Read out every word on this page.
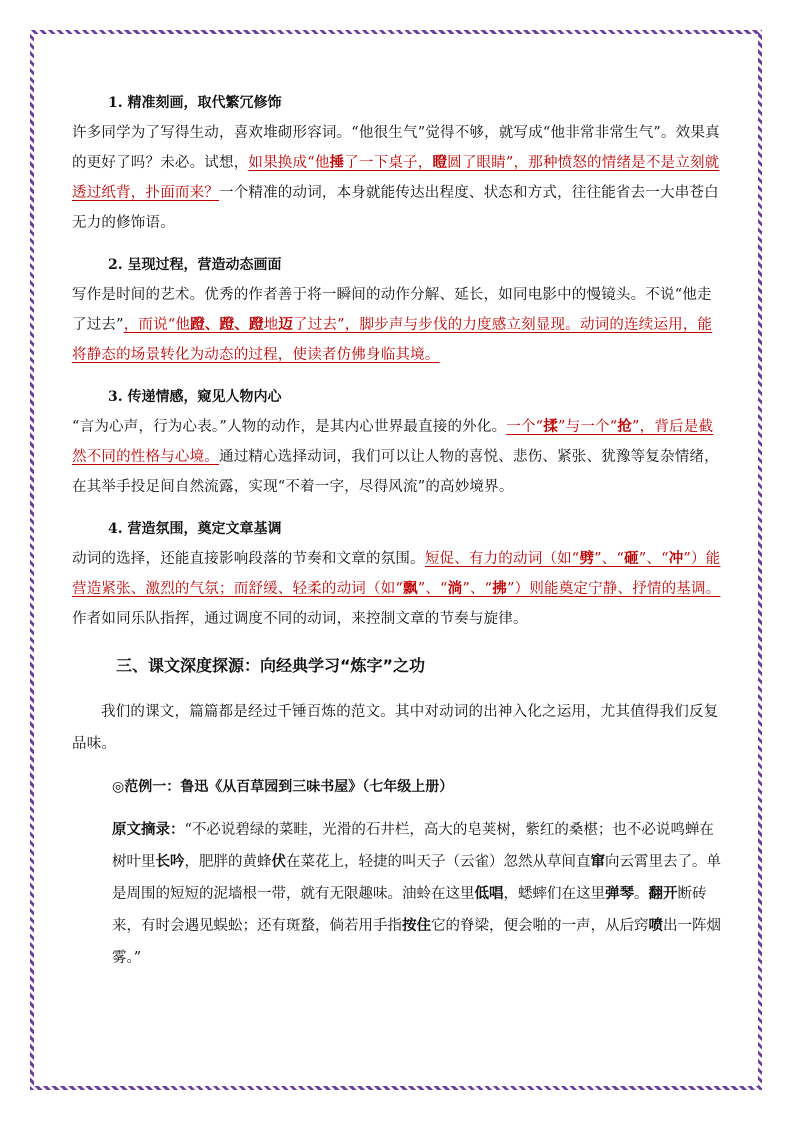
1. 精准刻画，取代繁冗修饰

许多同学为了写得生动，喜欢堆砌形容词。“他很生气”觉得不够，就写成“他非常非常生气”。效果真的更好了吗？未必。试想，如果换成“他捶了一下桌子，瞪圆了眼睛”，那种愤怒的情绪是不是立刻就透过纸背，扑面而来？一个精准的动词，本身就能传达出程度、状态和方式，往往能省去一大串苍白无力的修饰语。

2. 呈现过程，营造动态画面

写作是时间的艺术。优秀的作者善于将一瞬间的动作分解、延长，如同电影中的慢镜头。不说“他走了过去”，而说“他蹬、蹬、蹬地迈了过去”，脚步声与步伐的力度感立刻显现。动词的连续运用，能将静态的场景转化为动态的过程，使读者仿佛身临其境。

3. 传递情感，窥见人物内心

“言为心声，行为心表。”人物的动作，是其内心世界最直接的外化。一个“揉”与一个“抢”，背后是截然不同的性格与心境。通过精心选择动词，我们可以让人物的喜悦、悲伤、紧张、犹豫等复杂情绪，在其举手投足间自然流露，实现“不着一字，尽得风流”的高妙境界。

4. 营造氛围，奠定文章基调

动词的选择，还能直接影响段落的节奏和文章的氛围。短促、有力的动词（如“劈”、“砸”、“冲”）能营造紧张、激烈的气氛；而舒缓、轻柔的动词（如“飘”、“淌”、“拂”）则能奠定宁静、抒情的基调。作者如同乐队指挥，通过调度不同的动词，来控制文章的节奏与旋律。

三、课文深度探源：向经典学习“炼字”之功

我们的课文，篇篇都是经过千锤百炼的范文。其中对动词的出神入化之运用，尤其值得我们反复品味。

◎范例一：鲁迅《从百草园到三味书屋》（七年级上册）

原文摘录：“不必说碧绿的菜畦，光滑的石井栏，高大的皂荚树，紫红的桑椹；也不必说鸣蝉在树叶里长吟，肥胖的黄蜂伏在菜花上，轻捷的叫天子（云雀）忽然从草间直窜向云霄里去了。单是周围的短短的泥墙根一带，就有无限趣味。油蛉在这里低唱，蟋蟀们在这里弹琴。翻开断砖来，有时会遇见蜈蚣；还有斑蝥，倘若用手指按住它的脊梁，便会啪的一声，从后窍喷出一阵烟雾。”
